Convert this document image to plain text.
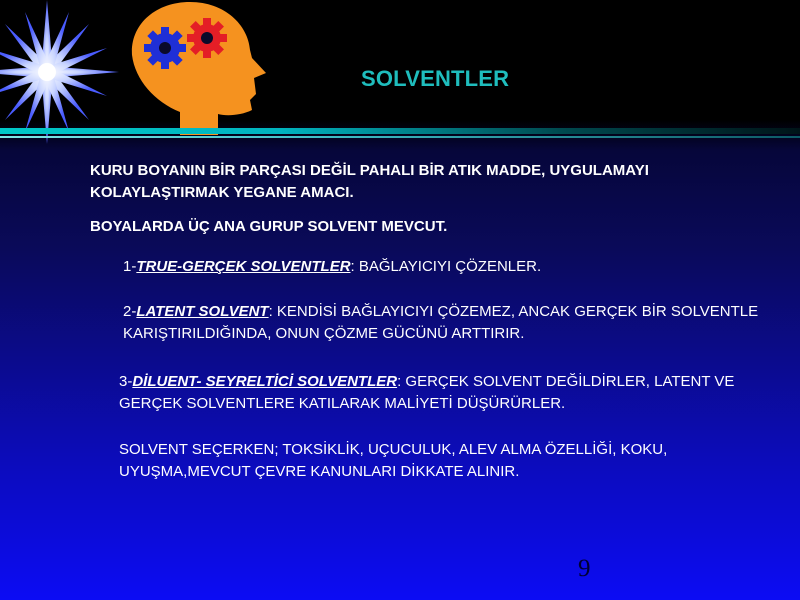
SOLVENTLER
KURU BOYANIN BİR PARÇASI DEĞİL PAHALI BİR ATIK MADDE, UYGULAMAYI KOLAYLAŞTIRMAK YEGANE AMACI.
BOYALARDA ÜÇ ANA GURUP SOLVENT MEVCUT.
1-TRUE-GERÇEK SOLVENTLER: BAĞLAYICIYI ÇÖZENLER.
2-LATENT SOLVENT: KENDİSİ BAĞLAYICIYI ÇÖZEMEZ, ANCAK GERÇEK BİR SOLVENTLE KARIŞTIRILDIĞINDA, ONUN ÇÖZME GÜCÜNÜ ARTTIRIR.
3-DİLUENT- SEYRELTİCİ SOLVENTLER: GERÇEK SOLVENT DEĞİLDİRLER, LATENT VE GERÇEK SOLVENTLERE KATILARAK MALİYETİ DÜŞÜRÜRLER.
SOLVENT SEÇERKEN; TOKSİKLİK, UÇUCULUK, ALEV ALMA ÖZELLİĞİ, KOKU, UYUŞMA,MEVCUT ÇEVRE KANUNLARI DİKKATE ALINIR.
9
